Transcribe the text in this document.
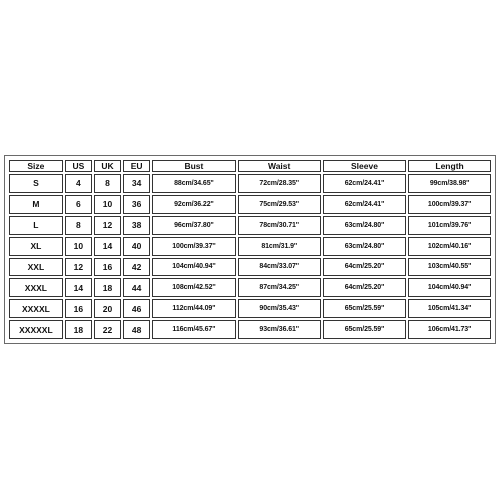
Size	US	UK	EU	Bust	Waist	Sleeve	Length
S	4	8	34	88cm/34.65''	72cm/28.35''	62cm/24.41''	99cm/38.98''
M	6	10	36	92cm/36.22''	75cm/29.53''	62cm/24.41''	100cm/39.37''
L	8	12	38	96cm/37.80''	78cm/30.71''	63cm/24.80''	101cm/39.76''
XL	10	14	40	100cm/39.37''	81cm/31.9''	63cm/24.80''	102cm/40.16''
XXL	12	16	42	104cm/40.94''	84cm/33.07''	64cm/25.20''	103cm/40.55''
XXXL	14	18	44	108cm/42.52''	87cm/34.25''	64cm/25.20''	104cm/40.94''
XXXXL	16	20	46	112cm/44.09''	90cm/35.43''	65cm/25.59''	105cm/41.34''
XXXXXL	18	22	48	116cm/45.67''	93cm/36.61''	65cm/25.59''	106cm/41.73''
